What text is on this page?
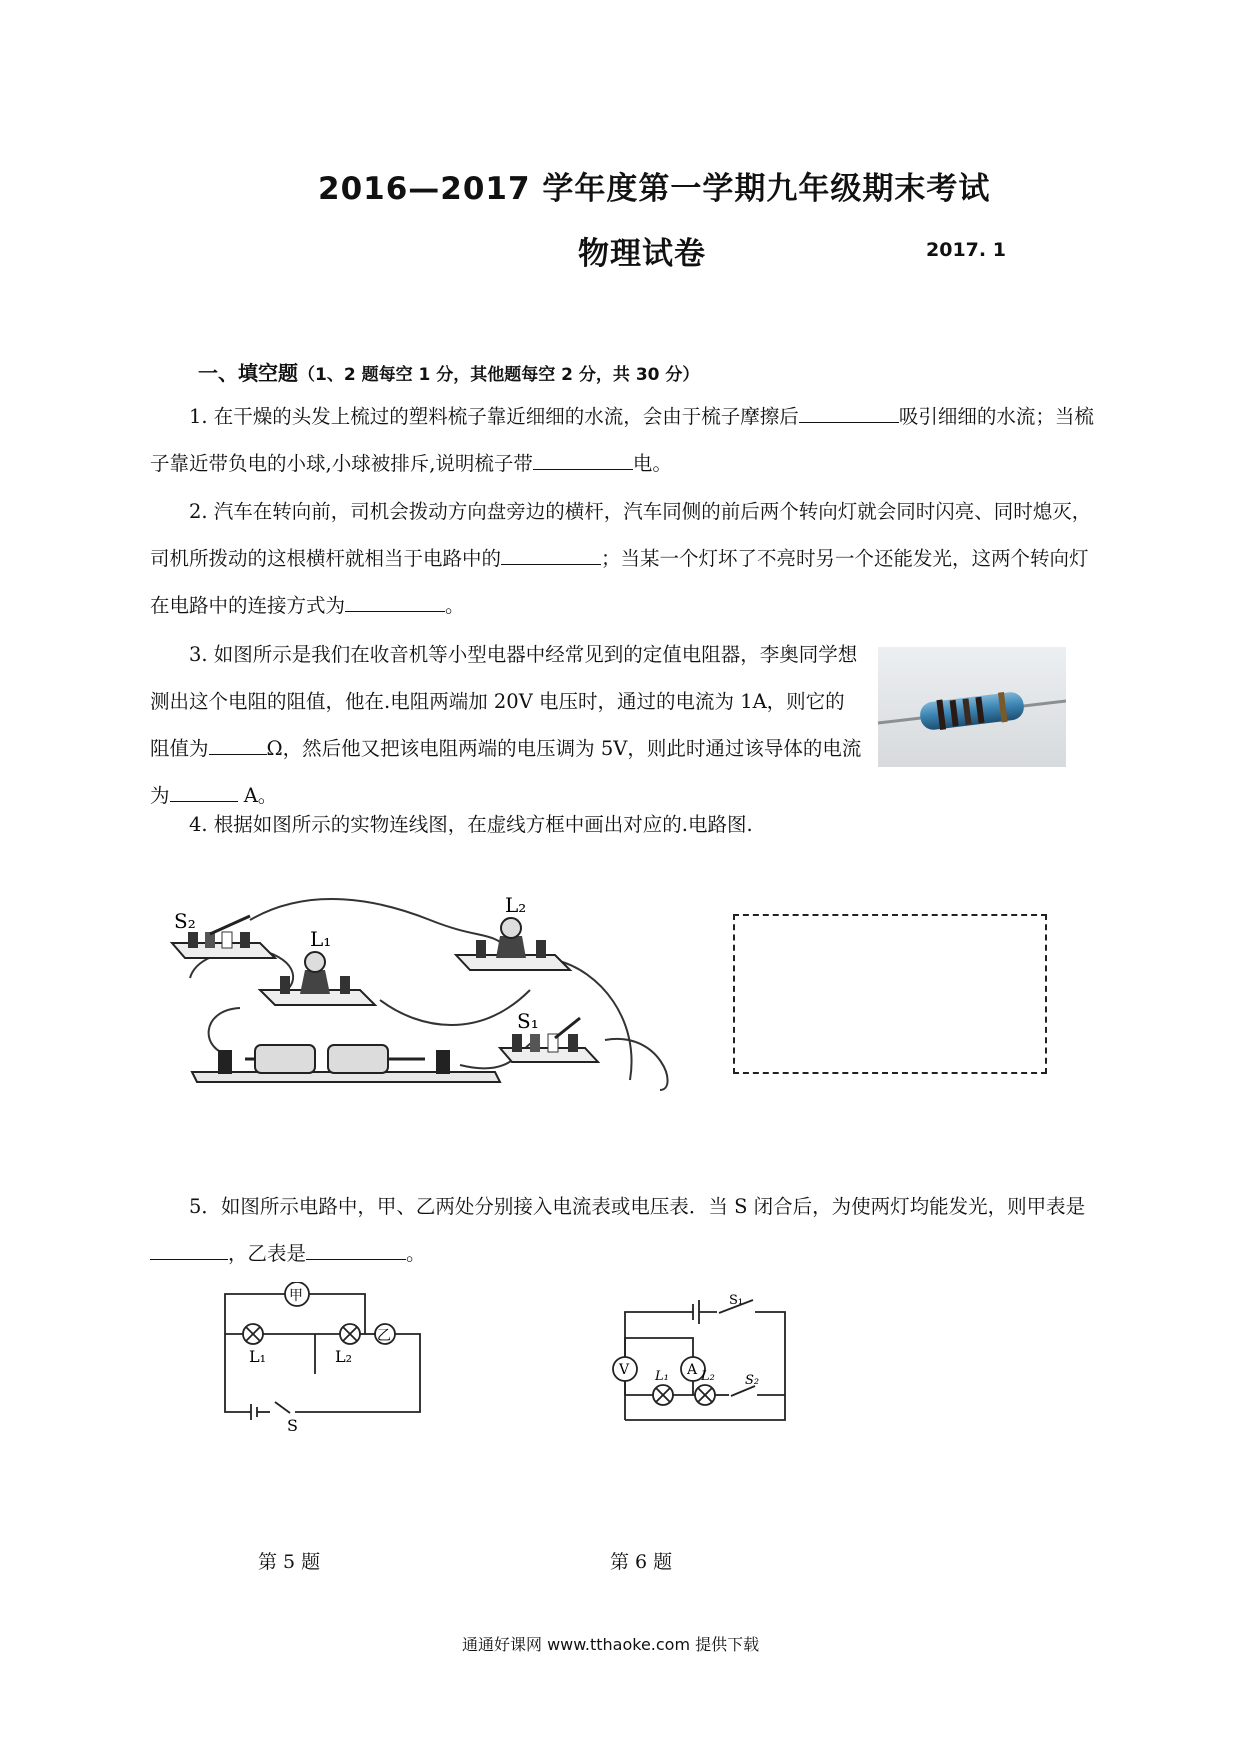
2016—2017 学年度第一学期九年级期末考试
物理试卷	2017. 1
一、填空题（1、2 题每空 1 分，其他题每空 2 分，共 30 分）
1. 在干燥的头发上梳过的塑料梳子靠近细细的水流，会由于梳子摩擦后	吸引细细的水流；当梳子靠近带负电的小球,小球被排斥,说明梳子带	电。
2. 汽车在转向前，司机会拨动方向盘旁边的横杆，汽车同侧的前后两个转向灯就会同时闪亮、同时熄灭，司机所拨动的这根横杆就相当于电路中的	；当某一个灯坏了不亮时另一个还能发光，这两个转向灯在电路中的连接方式为	。
3. 如图所示是我们在收音机等小型电器中经常见到的定值电阻器，李奥同学想测出这个电阻的阻值，他在.电阻两端加 20V 电压时，通过的电流为 1A，则它的阻值为	Ω，然后他又把该电阻两端的电压调为 5V，则此时通过该导体的电流为	A。
4. 根据如图所示的实物连线图，在虚线方框中画出对应的.电路图.
S₂
L₁
L₂
S₁
5．如图所示电路中，甲、乙两处分别接入电流表或电压表．当 S 闭合后，为使两灯均能发光，则甲表是，乙表是	。
甲
乙
L₁	L₂
S
V	A
L₁ L₂
S₁
S₂
第 5 题	第 6 题
通通好课网 www.tthaoke.com 提供下载
